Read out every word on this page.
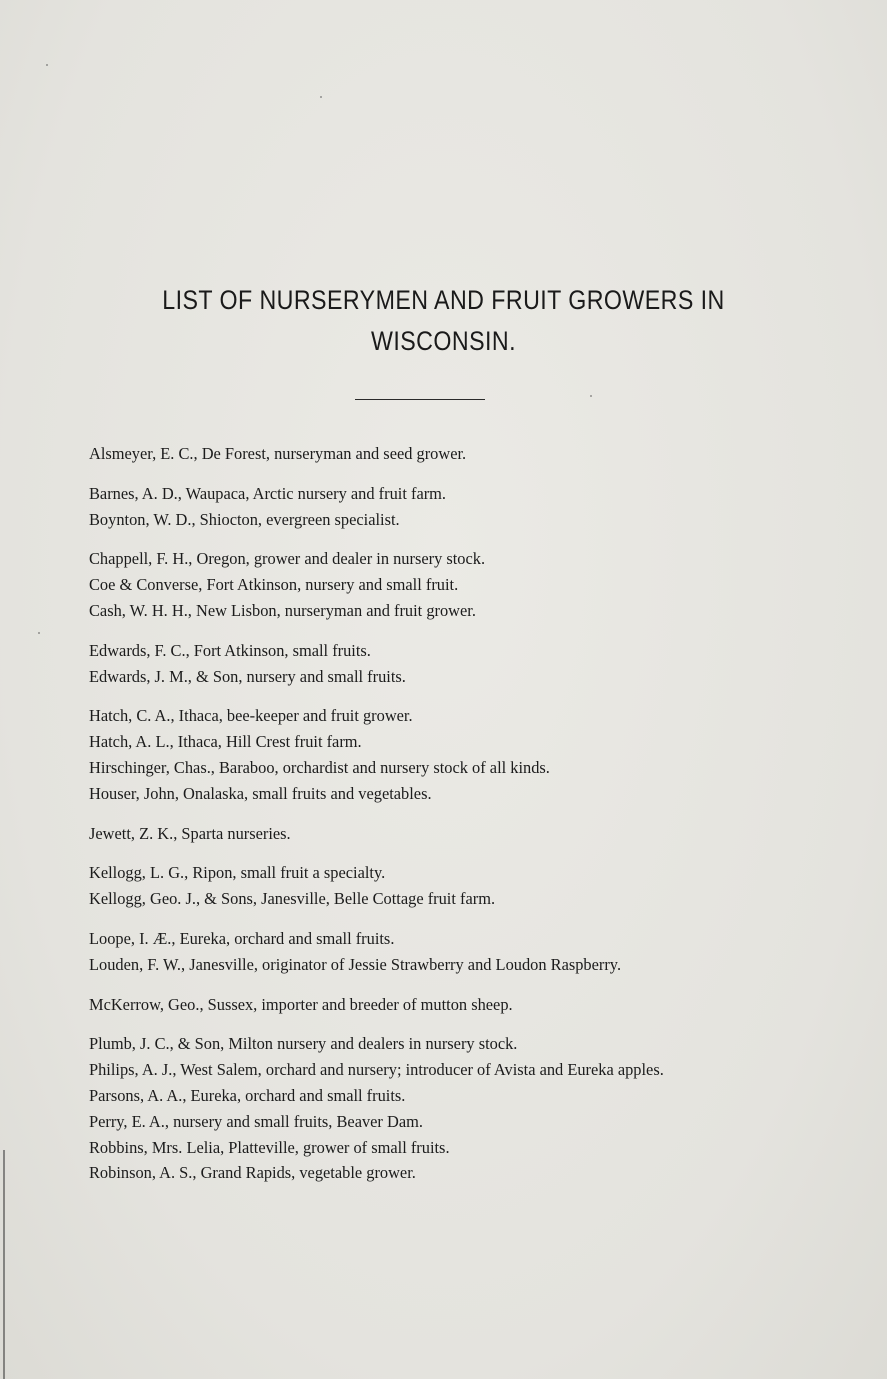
LIST OF NURSERYMEN AND FRUIT GROWERS IN
WISCONSIN.

Alsmeyer, E. C., De Forest, nurseryman and seed grower.

Barnes, A. D., Waupaca, Arctic nursery and fruit farm.

Boynton, W. D., Shiocton, evergreen specialist.

Chappell, F. H., Oregon, grower and dealer in nursery stock.

Coe & Converse, Fort Atkinson, nursery and small fruit.

Cash, W. H. H., New Lisbon, nurseryman and fruit grower.

Edwards, F. C., Fort Atkinson, small fruits.

Edwards, J. M., & Son, nursery and small fruits.

Hatch, C. A., Ithaca, bee-keeper and fruit grower.

Hatch, A. L., Ithaca, Hill Crest fruit farm.

Hirschinger, Chas., Baraboo, orchardist and nursery stock of all kinds.

Houser, John, Onalaska, small fruits and vegetables.

Jewett, Z. K., Sparta nurseries.

Kellogg, L. G., Ripon, small fruit a specialty.

Kellogg, Geo. J., & Sons, Janesville, Belle Cottage fruit farm.

Loope, I. Æ., Eureka, orchard and small fruits.

Louden, F. W., Janesville, originator of Jessie Strawberry and Loudon Raspberry.

McKerrow, Geo., Sussex, importer and breeder of mutton sheep.

Plumb, J. C., & Son, Milton nursery and dealers in nursery stock.

Philips, A. J., West Salem, orchard and nursery; introducer of Avista and Eureka apples.

Parsons, A. A., Eureka, orchard and small fruits.

Perry, E. A., nursery and small fruits, Beaver Dam.

Robbins, Mrs. Lelia, Platteville, grower of small fruits.

Robinson, A. S., Grand Rapids, vegetable grower.
